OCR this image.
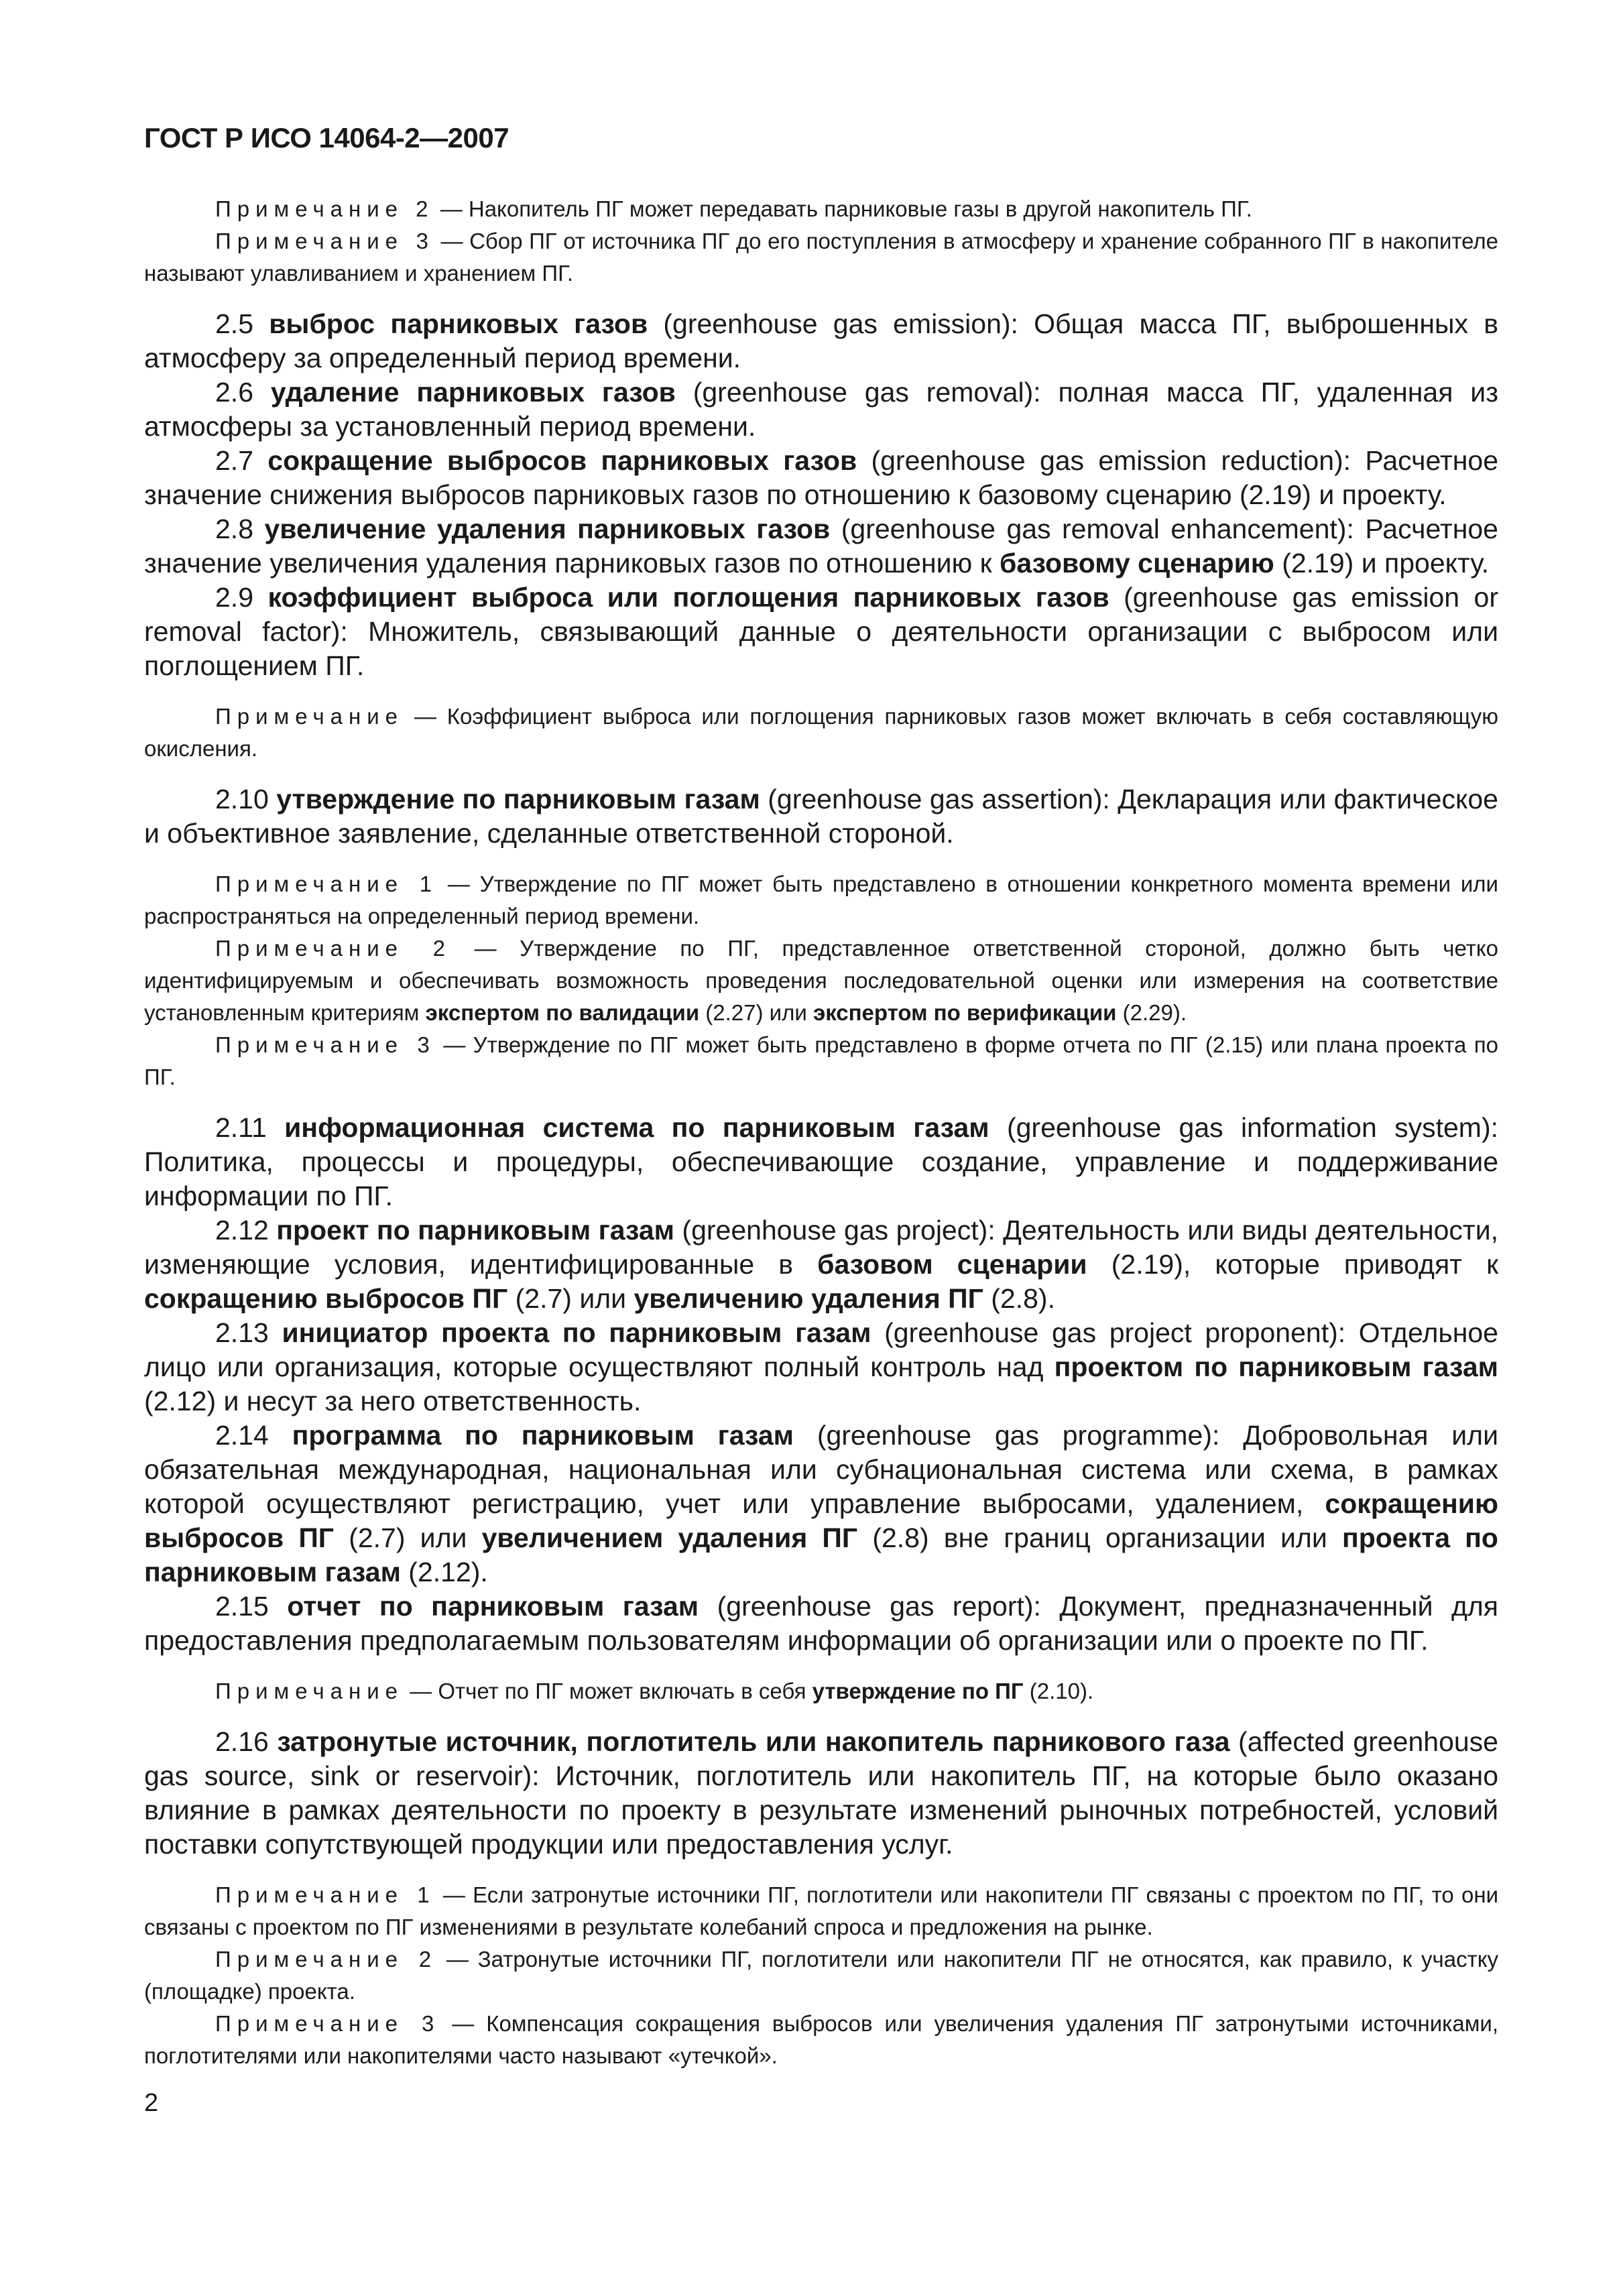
ГОСТ Р ИСО 14064-2—2007

Примечание 2 — Накопитель ПГ может передавать парниковые газы в другой накопитель ПГ.

Примечание 3 — Сбор ПГ от источника ПГ до его поступления в атмосферу и хранение собранного ПГ в накопителе называют улавливанием и хранением ПГ.

2.5 выброс парниковых газов (greenhouse gas emission): Общая масса ПГ, выброшенных в атмосферу за определенный период времени.

2.6 удаление парниковых газов (greenhouse gas removal): полная масса ПГ, удаленная из атмосферы за установленный период времени.

2.7 сокращение выбросов парниковых газов (greenhouse gas emission reduction): Расчетное значение снижения выбросов парниковых газов по отношению к базовому сценарию (2.19) и проекту.

2.8 увеличение удаления парниковых газов (greenhouse gas removal enhancement): Расчетное значение увеличения удаления парниковых газов по отношению к базовому сценарию (2.19) и проекту.

2.9 коэффициент выброса или поглощения парниковых газов (greenhouse gas emission or removal factor): Множитель, связывающий данные о деятельности организации с выбросом или поглощением ПГ.

Примечание — Коэффициент выброса или поглощения парниковых газов может включать в себя составляющую окисления.

2.10 утверждение по парниковым газам (greenhouse gas assertion): Декларация или фактическое и объективное заявление, сделанные ответственной стороной.

Примечание 1 — Утверждение по ПГ может быть представлено в отношении конкретного момента времени или распространяться на определенный период времени.

Примечание 2 — Утверждение по ПГ, представленное ответственной стороной, должно быть четко идентифицируемым и обеспечивать возможность проведения последовательной оценки или измерения на соответствие установленным критериям экспертом по валидации (2.27) или экспертом по верификации (2.29).

Примечание 3 — Утверждение по ПГ может быть представлено в форме отчета по ПГ (2.15) или плана проекта по ПГ.

2.11 информационная система по парниковым газам (greenhouse gas information system): Политика, процессы и процедуры, обеспечивающие создание, управление и поддерживание информации по ПГ.

2.12 проект по парниковым газам (greenhouse gas project): Деятельность или виды деятельности, изменяющие условия, идентифицированные в базовом сценарии (2.19), которые приводят к сокращению выбросов ПГ (2.7) или увеличению удаления ПГ (2.8).

2.13 инициатор проекта по парниковым газам (greenhouse gas project proponent): Отдельное лицо или организация, которые осуществляют полный контроль над проектом по парниковым газам (2.12) и несут за него ответственность.

2.14 программа по парниковым газам (greenhouse gas programme): Добровольная или обязательная международная, национальная или субнациональная система или схема, в рамках которой осуществляют регистрацию, учет или управление выбросами, удалением, сокращению выбросов ПГ (2.7) или увеличением удаления ПГ (2.8) вне границ организации или проекта по парниковым газам (2.12).

2.15 отчет по парниковым газам (greenhouse gas report): Документ, предназначенный для предоставления предполагаемым пользователям информации об организации или о проекте по ПГ.

Примечание — Отчет по ПГ может включать в себя утверждение по ПГ (2.10).

2.16 затронутые источник, поглотитель или накопитель парникового газа (affected greenhouse gas source, sink or reservoir): Источник, поглотитель или накопитель ПГ, на которые было оказано влияние в рамках деятельности по проекту в результате изменений рыночных потребностей, условий поставки сопутствующей продукции или предоставления услуг.

Примечание 1 — Если затронутые источники ПГ, поглотители или накопители ПГ связаны с проектом по ПГ, то они связаны с проектом по ПГ изменениями в результате колебаний спроса и предложения на рынке.

Примечание 2 — Затронутые источники ПГ, поглотители или накопители ПГ не относятся, как правило, к участку (площадке) проекта.

Примечание 3 — Компенсация сокращения выбросов или увеличения удаления ПГ затронутыми источниками, поглотителями или накопителями часто называют «утечкой».

2
